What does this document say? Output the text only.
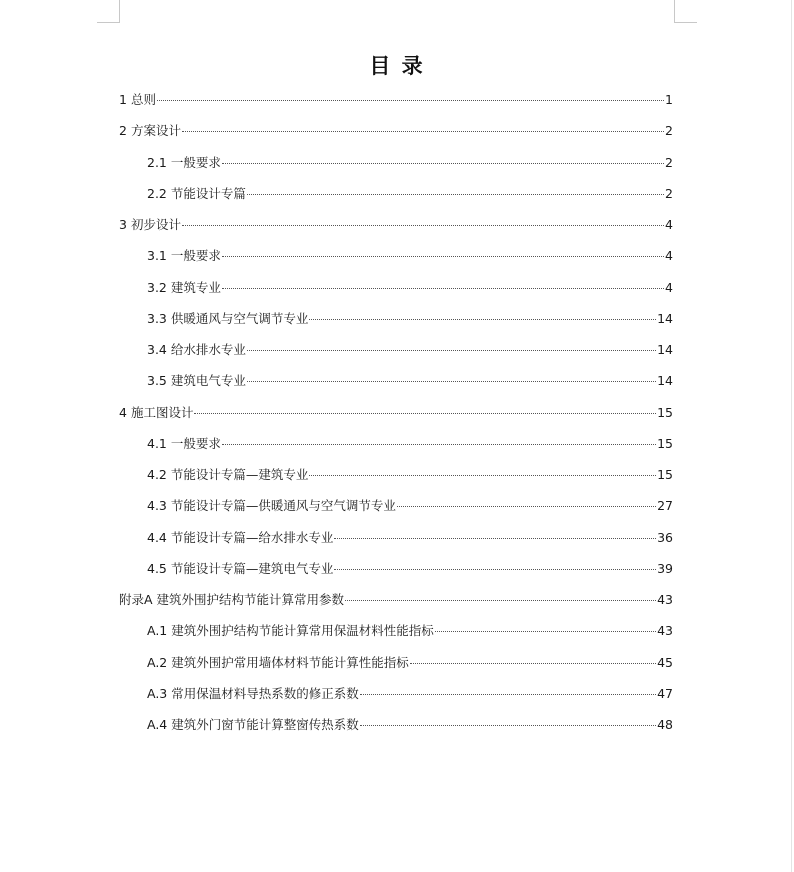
目 录
1 总则	1
2 方案设计	2
2.1 一般要求	2
2.2 节能设计专篇	2
3 初步设计	4
3.1 一般要求	4
3.2 建筑专业	4
3.3 供暖通风与空气调节专业	14
3.4 给水排水专业	14
3.5 建筑电气专业	14
4 施工图设计	15
4.1 一般要求	15
4.2 节能设计专篇—建筑专业	15
4.3 节能设计专篇—供暖通风与空气调节专业	27
4.4 节能设计专篇—给水排水专业	36
4.5 节能设计专篇—建筑电气专业	39
附录A 建筑外围护结构节能计算常用参数	43
A.1 建筑外围护结构节能计算常用保温材料性能指标	43
A.2 建筑外围护常用墙体材料节能计算性能指标	45
A.3 常用保温材料导热系数的修正系数	47
A.4 建筑外门窗节能计算整窗传热系数	48
